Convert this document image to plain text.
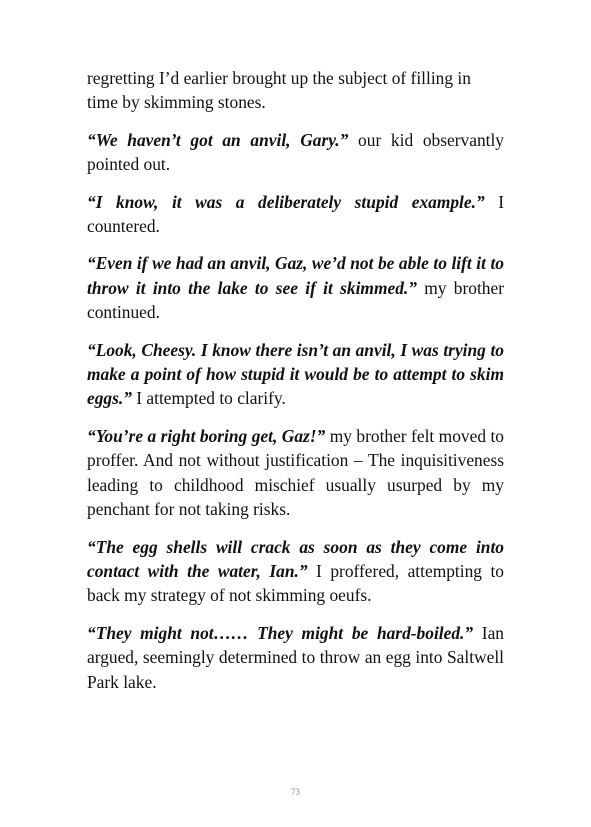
regretting I’d earlier brought up the subject of filling in time by skimming stones.

“We haven’t got an anvil, Gary.” our kid observantly pointed out.

“I know, it was a deliberately stupid example.” I countered.

“Even if we had an anvil, Gaz, we’d not be able to lift it to throw it into the lake to see if it skimmed.” my brother continued.

“Look, Cheesy. I know there isn’t an anvil, I was trying to make a point of how stupid it would be to attempt to skim eggs.” I attempted to clarify.

“You’re a right boring get, Gaz!” my brother felt moved to proffer. And not without justification – The inquisitiveness leading to childhood mischief usually usurped by my penchant for not taking risks.

“The egg shells will crack as soon as they come into contact with the water, Ian.” I proffered, attempting to back my strategy of not skimming oeufs.

“They might not…… They might be hard-boiled.” Ian argued, seemingly determined to throw an egg into Saltwell Park lake.

73
